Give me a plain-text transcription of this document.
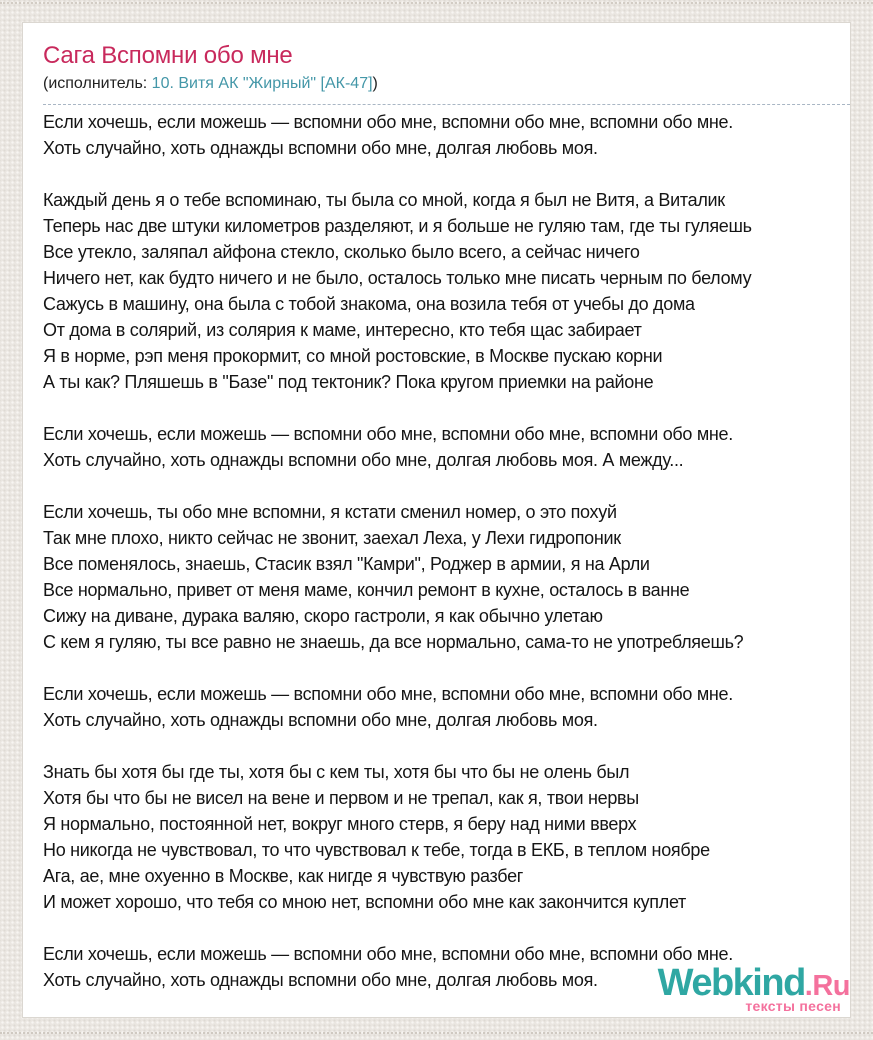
Сага Вспомни обо мне
(исполнитель: 10. Витя АК "Жирный" [АК-47])
Если хочешь, если можешь — вспомни обо мне, вспомни обо мне, вспомни обо мне.
Хоть случайно, хоть однажды вспомни обо мне, долгая любовь моя.
Каждый день я о тебе вспоминаю, ты была со мной, когда я был не Витя, а Виталик
Теперь нас две штуки километров разделяют, и я больше не гуляю там, где ты гуляешь
Все утекло, заляпал айфона стекло, сколько было всего, а сейчас ничего
Ничего нет, как будто ничего и не было, осталось только мне писать черным по белому
Сажусь в машину, она была с тобой знакома, она возила тебя от учебы до дома
От дома в солярий, из солярия к маме, интересно, кто тебя щас забирает
Я в норме, рэп меня прокормит, со мной ростовские, в Москве пускаю корни
А ты как? Пляшешь в "Базе" под тектоник? Пока кругом приемки на районе
Если хочешь, если можешь — вспомни обо мне, вспомни обо мне, вспомни обо мне.
Хоть случайно, хоть однажды вспомни обо мне, долгая любовь моя. А между...
Если хочешь, ты обо мне вспомни, я кстати сменил номер, о это похуй
Так мне плохо, никто сейчас не звонит, заехал Леха, у Лехи гидропоник
Все поменялось, знаешь, Стасик взял "Камри", Роджер в армии, я на Арли
Все нормально, привет от меня маме, кончил ремонт в кухне, осталось в ванне
Сижу на диване, дурака валяю, скоро гастроли, я как обычно улетаю
С кем я гуляю, ты все равно не знаешь, да все нормально, сама-то не употребляешь?
Если хочешь, если можешь — вспомни обо мне, вспомни обо мне, вспомни обо мне.
Хоть случайно, хоть однажды вспомни обо мне, долгая любовь моя.
Знать бы хотя бы где ты, хотя бы с кем ты, хотя бы что бы не олень был
Хотя бы что бы не висел на вене и первом и не трепал, как я, твои нервы
Я нормально, постоянной нет, вокруг много стерв, я беру над ними вверх
Но никогда не чувствовал, то что чувствовал к тебе, тогда в ЕКБ, в теплом ноябре
Ага, ае, мне охуенно в Москве, как нигде я чувствую разбег
И может хорошо, что тебя со мною нет, вспомни обо мне как закончится куплет
Если хочешь, если можешь — вспомни обо мне, вспомни обо мне, вспомни обо мне.
Хоть случайно, хоть однажды вспомни обо мне, долгая любовь моя.	Webkind.Ru
тексты песен
